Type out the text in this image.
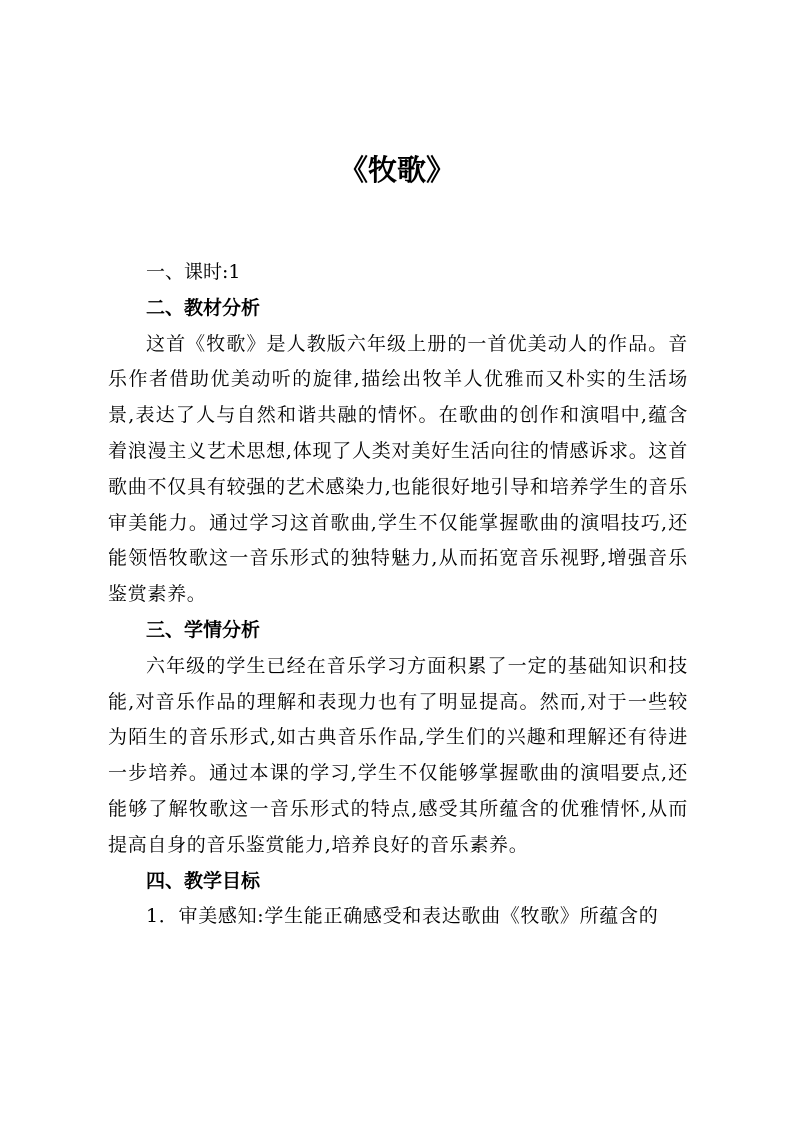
《牧歌》
一、课时:1
二、教材分析

这首《牧歌》是人教版六年级上册的一首优美动人的作品。音乐作者借助优美动听的旋律,描绘出牧羊人优雅而又朴实的生活场景,表达了人与自然和谐共融的情怀。在歌曲的创作和演唱中,蕴含着浪漫主义艺术思想,体现了人类对美好生活向往的情感诉求。这首歌曲不仅具有较强的艺术感染力,也能很好地引导和培养学生的音乐审美能力。通过学习这首歌曲,学生不仅能掌握歌曲的演唱技巧,还能领悟牧歌这一音乐形式的独特魅力,从而拓宽音乐视野,增强音乐鉴赏素养。

三、学情分析

六年级的学生已经在音乐学习方面积累了一定的基础知识和技能,对音乐作品的理解和表现力也有了明显提高。然而,对于一些较为陌生的音乐形式,如古典音乐作品,学生们的兴趣和理解还有待进一步培养。通过本课的学习,学生不仅能够掌握歌曲的演唱要点,还能够了解牧歌这一音乐形式的特点,感受其所蕴含的优雅情怀,从而提高自身的音乐鉴赏能力,培养良好的音乐素养。

四、教学目标
1．审美感知:学生能正确感受和表达歌曲《牧歌》所蕴含的
